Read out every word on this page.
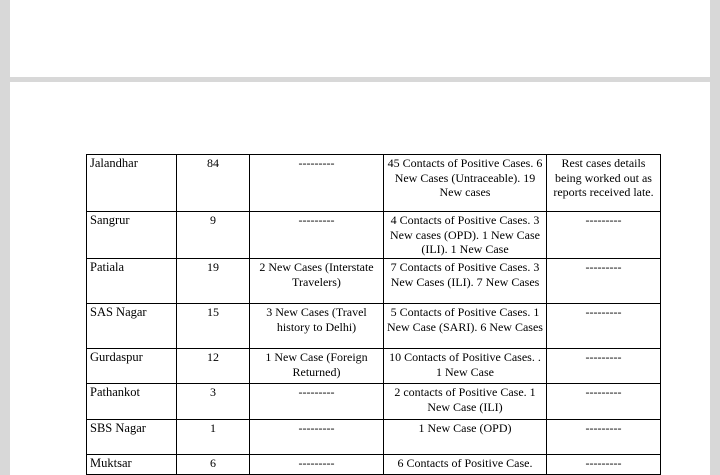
Jalandhar	84	---------	45 Contacts of Positive Cases. 6 New Cases (Untraceable). 19 New cases	Rest cases details being worked out as reports received late.
Sangrur	9	---------	4 Contacts of Positive Cases. 3 New cases (OPD). 1 New Case (ILI). 1 New Case	---------
Patiala	19	2 New Cases (Interstate Travelers)	7 Contacts of Positive Cases. 3 New Cases (ILI). 7 New Cases	---------
SAS Nagar	15	3 New Cases (Travel history to Delhi)	5 Contacts of Positive Cases. 1 New Case (SARI). 6 New Cases	---------
Gurdaspur	12	1 New Case (Foreign Returned)	10 Contacts of Positive Cases. . 1 New Case	---------
Pathankot	3	---------	2 contacts of Positive Case. 1 New Case (ILI)	---------
SBS Nagar	1	---------	1 New Case (OPD)	---------
Muktsar	6	---------	6 Contacts of Positive Case.	---------
